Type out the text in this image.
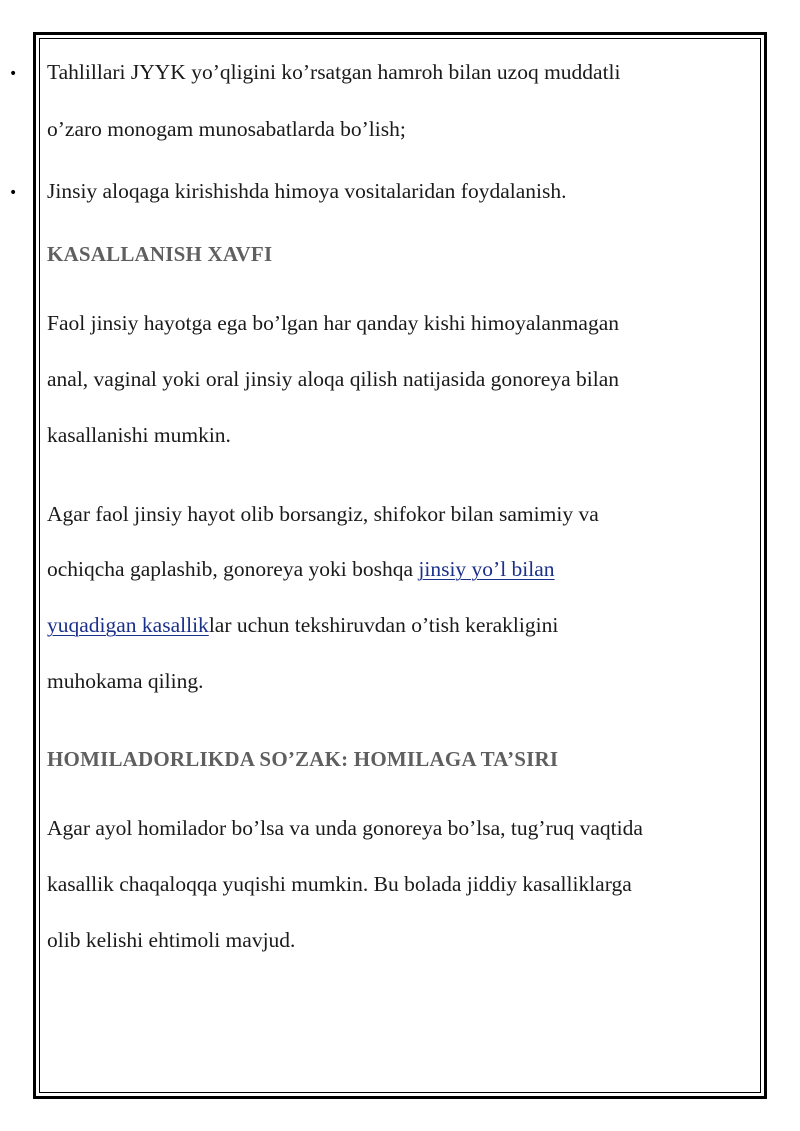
• Tahlillari JYYK yo’qligini ko’rsatgan hamroh bilan uzoq muddatli
o’zaro monogam munosabatlarda bo’lish;
• Jinsiy aloqaga kirishishda himoya vositalaridan foydalanish.
KASALLANISH XAVFI
Faol jinsiy hayotga ega bo’lgan har qanday kishi himoyalanmagan
anal, vaginal yoki oral jinsiy aloqa qilish natijasida gonoreya bilan
kasallanishi mumkin.
Agar faol jinsiy hayot olib borsangiz, shifokor bilan samimiy va
ochiqcha gaplashib, gonoreya yoki boshqa jinsiy yo’l bilan
yuqadigan kasalliklar uchun tekshiruvdan o’tish kerakligini
muhokama qiling.
HOMILADORLIKDA SO’ZAK: HOMILAGA TA’SIRI
Agar ayol homilador bo’lsa va unda gonoreya bo’lsa, tug’ruq vaqtida
kasallik chaqaloqqa yuqishi mumkin. Bu bolada jiddiy kasalliklarga
olib kelishi ehtimoli mavjud.
